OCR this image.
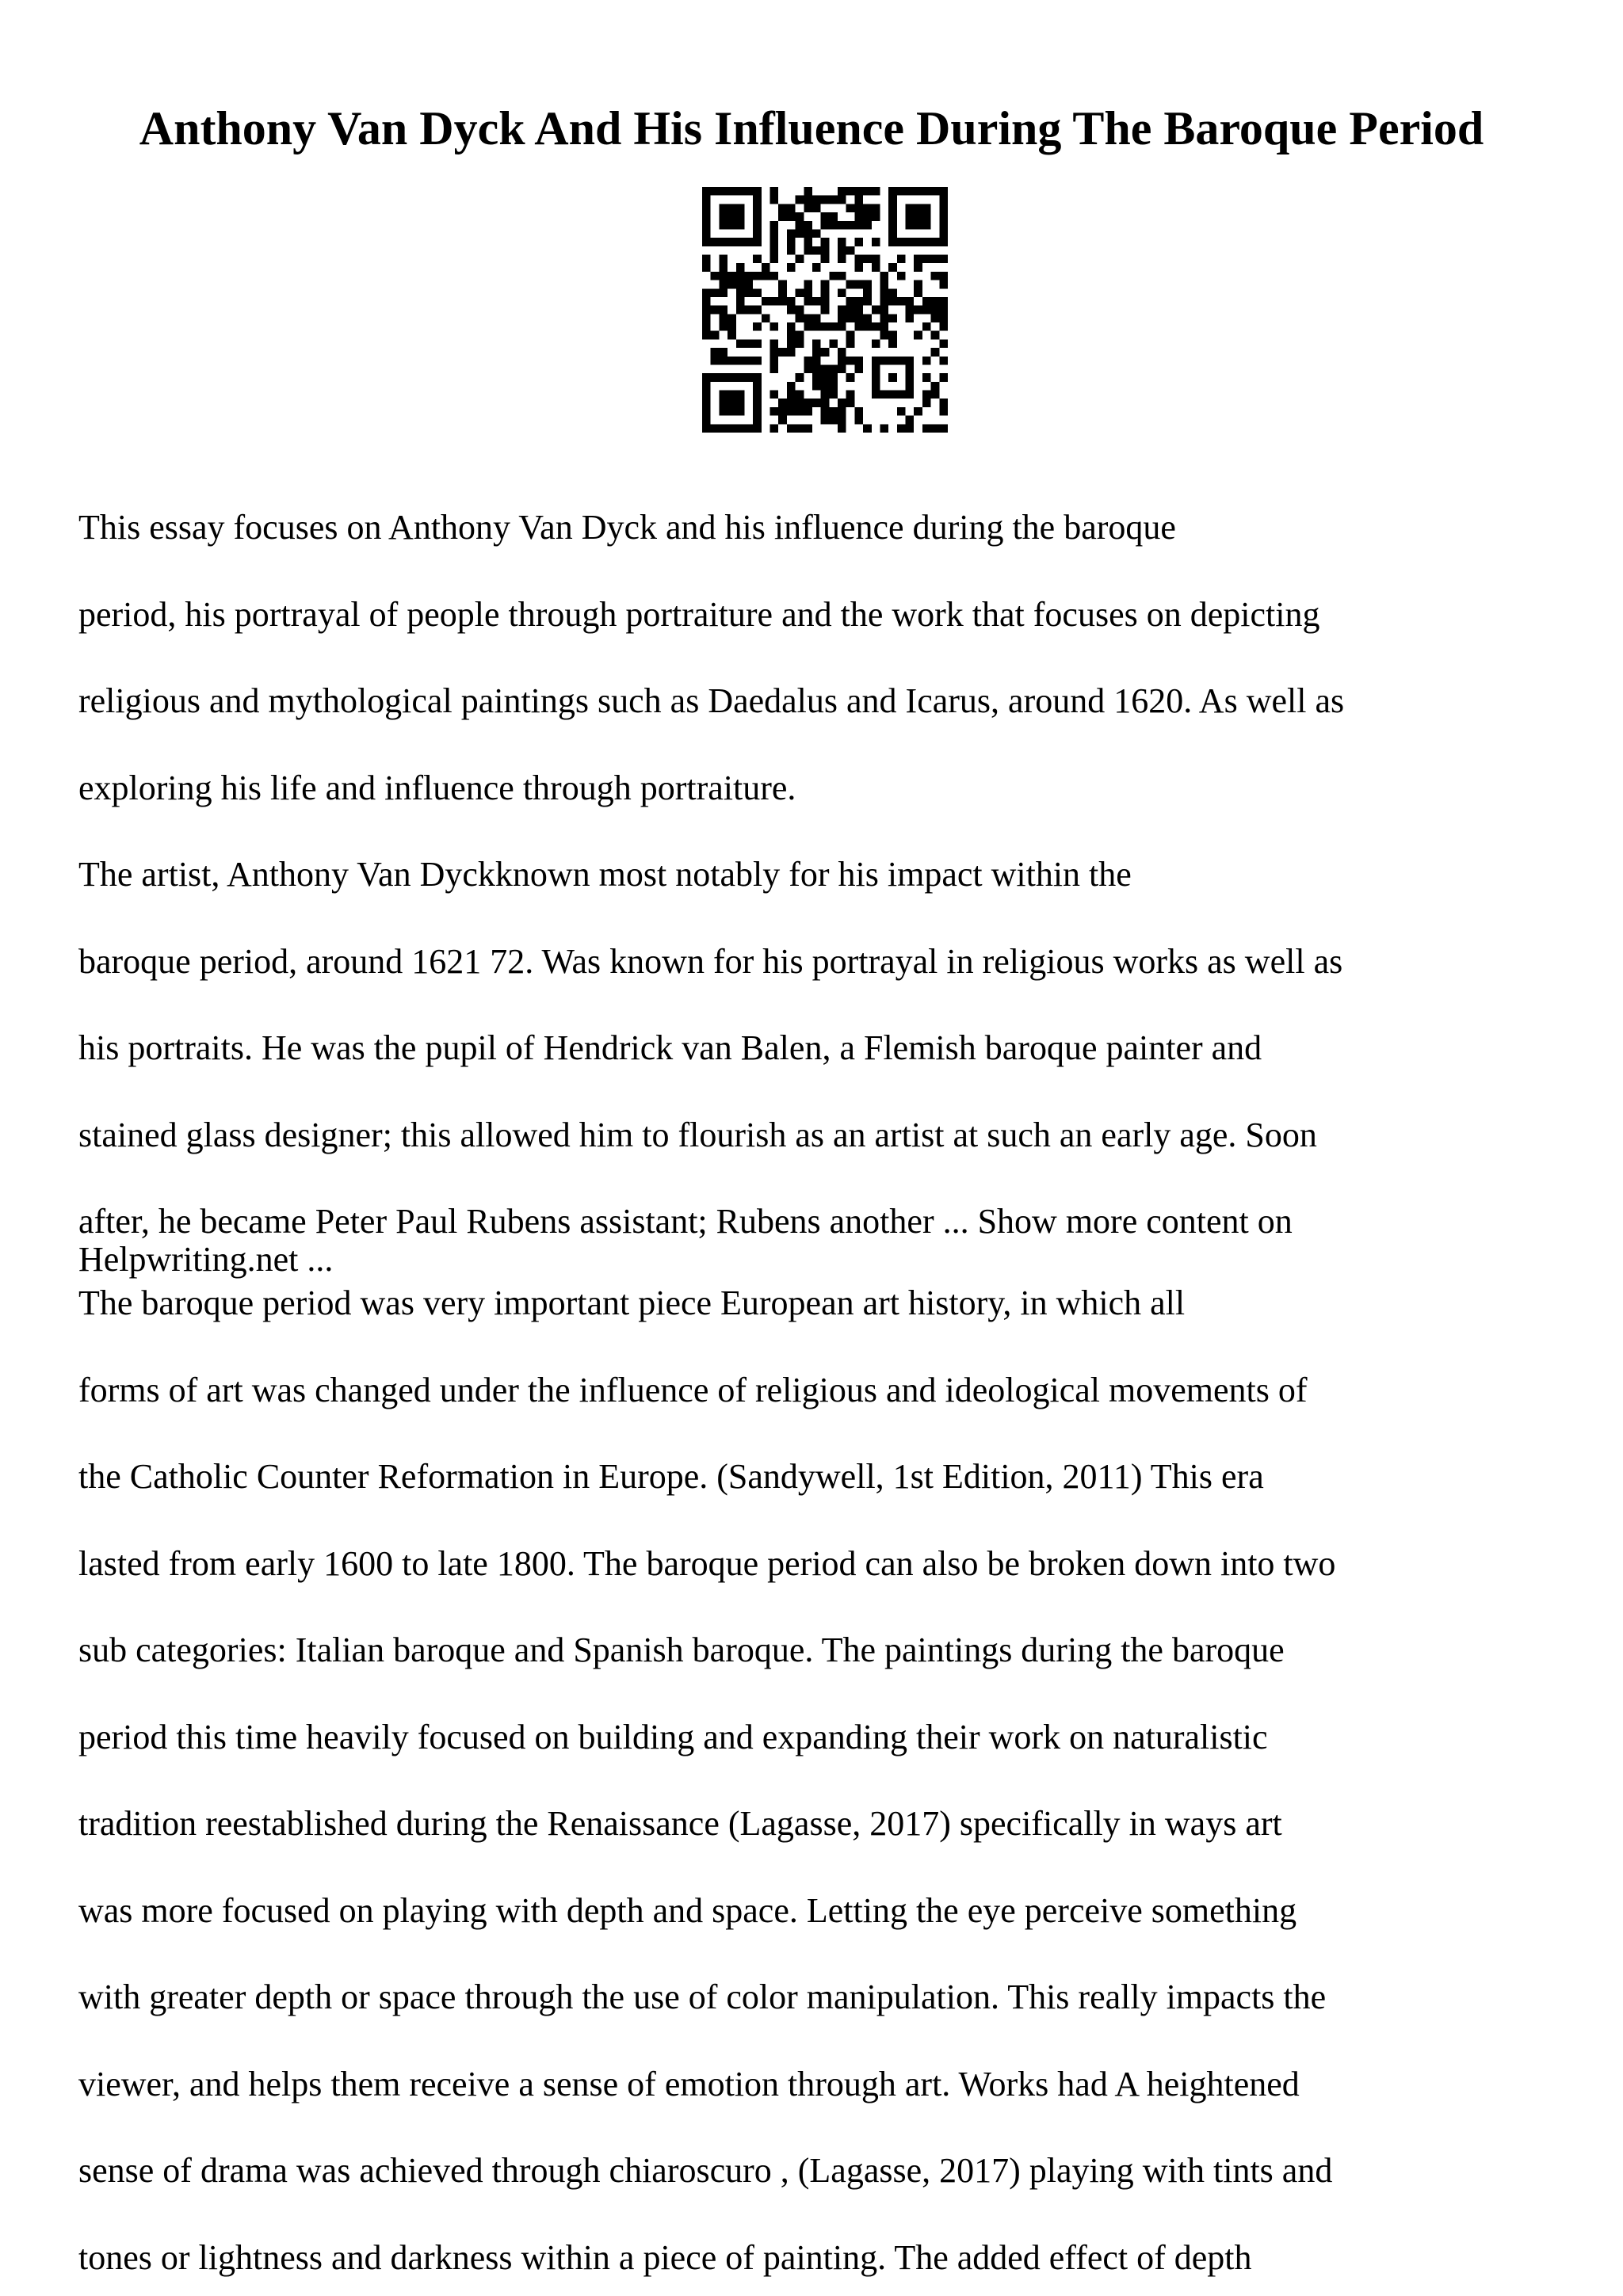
Anthony Van Dyck And His Influence During The Baroque Period
This essay focuses on Anthony Van Dyck and his influence during the baroque
period, his portrayal of people through portraiture and the work that focuses on depicting
religious and mythological paintings such as Daedalus and Icarus, around 1620. As well as
exploring his life and influence through portraiture.
The artist, Anthony Van Dyckknown most notably for his impact within the
baroque period, around 1621 72. Was known for his portrayal in religious works as well as
his portraits. He was the pupil of Hendrick van Balen, a Flemish baroque painter and
stained glass designer; this allowed him to flourish as an artist at such an early age. Soon
after, he became Peter Paul Rubens assistant; Rubens another ... Show more content on
Helpwriting.net ...
The baroque period was very important piece European art history, in which all
forms of art was changed under the influence of religious and ideological movements of
the Catholic Counter Reformation in Europe. (Sandywell, 1st Edition, 2011) This era
lasted from early 1600 to late 1800. The baroque period can also be broken down into two
sub categories: Italian baroque and Spanish baroque. The paintings during the baroque
period this time heavily focused on building and expanding their work on naturalistic
tradition reestablished during the Renaissance (Lagasse, 2017) specifically in ways art
was more focused on playing with depth and space. Letting the eye perceive something
with greater depth or space through the use of color manipulation. This really impacts the
viewer, and helps them receive a sense of emotion through art. Works had A heightened
sense of drama was achieved through chiaroscuro , (Lagasse, 2017) playing with tints and
tones or lightness and darkness within a piece of painting. The added effect of depth
